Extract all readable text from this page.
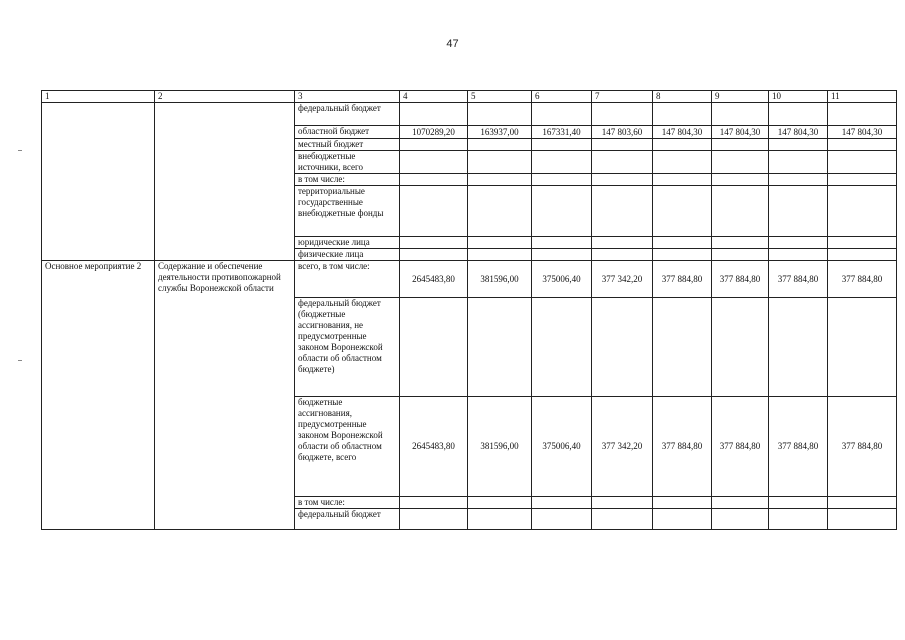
47
1	2	3	4	5	6	7	8	9	10	11
		федеральный бюджет								
		областной бюджет	1070289,20	163937,00	167331,40	147 803,60	147 804,30	147 804,30	147 804,30	147 804,30
		местный бюджет								
		внебюджетные источники, всего								
		в том числе:								
		территориальные государственные внебюджетные фонды								
		юридические лица								
		физические лица								
Основное мероприятие 2	Содержание и обеспечение деятельности противопожарной службы Воронежской области	всего, в том числе:	2645483,80	381596,00	375006,40	377 342,20	377 884,80	377 884,80	377 884,80	377 884,80
		федеральный бюджет (бюджетные ассигнования, не предусмотренные законом Воронежской области об областном бюджете)								
		бюджетные ассигнования, предусмотренные законом Воронежской области об областном бюджете, всего	2645483,80	381596,00	375006,40	377 342,20	377 884,80	377 884,80	377 884,80	377 884,80
		в том числе:								
		федеральный бюджет								
